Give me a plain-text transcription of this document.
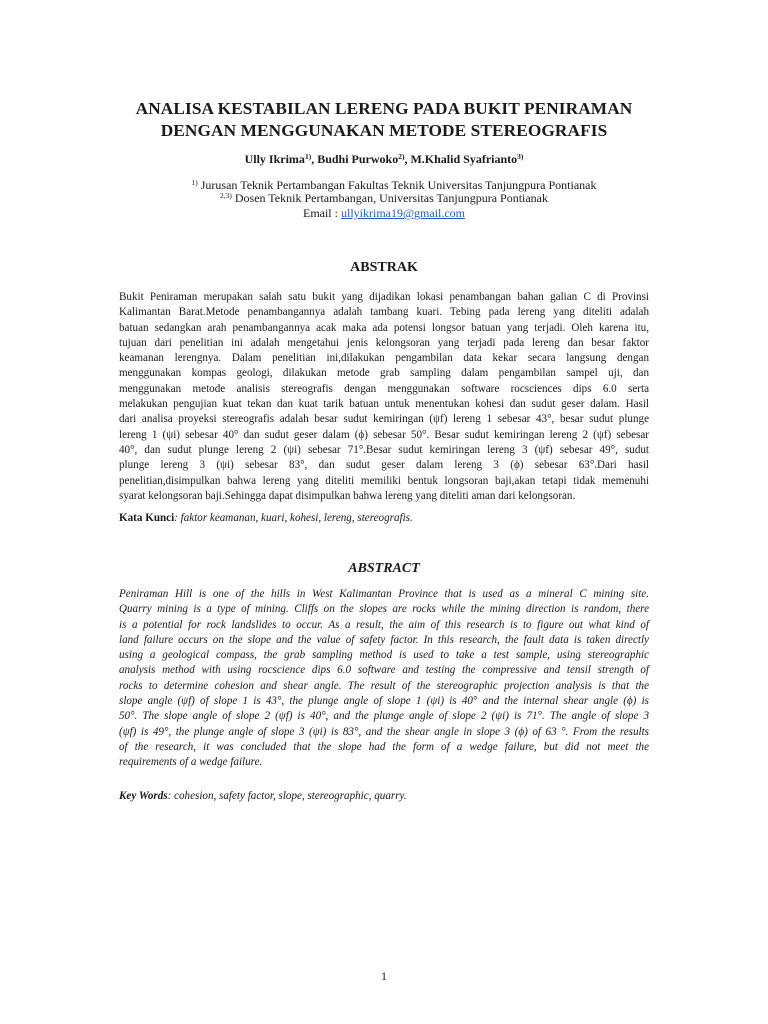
ANALISA KESTABILAN LERENG PADA BUKIT PENIRAMAN
DENGAN MENGGUNAKAN METODE STEREOGRAFIS
Ully Ikrima$^{1)}$, Budhi Purwoko$^{2)}$, M.Khalid Syafrianto$^{3)}$
$^{1)}$ Jurusan Teknik Pertambangan Fakultas Teknik Universitas Tanjungpura Pontianak
$^{2,3)}$ Dosen Teknik Pertambangan, Universitas Tanjungpura Pontianak
Email : ullyikrima19@gmail.com
ABSTRAK
Bukit Peniraman merupakan salah satu bukit yang dijadikan lokasi penambangan bahan galian C di Provinsi
Kalimantan Barat.Metode penambangannya adalah tambang kuari. Tebing pada lereng yang diteliti adalah
batuan sedangkan arah penambangannya acak maka ada potensi longsor batuan yang terjadi. Oleh karena itu,
tujuan dari penelitian ini adalah mengetahui jenis kelongsoran yang terjadi pada lereng dan besar faktor
keamanan lerengnya. Dalam penelitian ini,dilakukan pengambilan data kekar secara langsung dengan
menggunakan kompas geologi, dilakukan metode grab sampling dalam pengambilan sampel uji, dan
menggunakan metode analisis stereografis dengan menggunakan software rocsciences dips 6.0 serta
melakukan pengujian kuat tekan dan kuat tarik batuan untuk menentukan kohesi dan sudut geser dalam. Hasil
dari analisa proyeksi stereografis adalah besar sudut kemiringan (ψf) lereng 1 sebesar 43°, besar sudut plunge
lereng 1 (ψi) sebesar 40° dan sudut geser dalam (ϕ) sebesar 50°. Besar sudut kemiringan lereng 2 (ψf) sebesar
40°, dan sudut plunge lereng 2 (ψi) sebesar 71°.Besar sudut kemiringan lereng 3 (ψf) sebesar 49°, sudut
plunge lereng 3 (ψi) sebesar 83°, dan sudut geser dalam lereng 3 (ϕ) sebesar 63°.Dari hasil
penelitian,disimpulkan bahwa lereng yang diteliti memiliki bentuk longsoran baji,akan tetapi tidak memenuhi
syarat kelongsoran baji.Sehingga dapat disimpulkan bahwa lereng yang diteliti aman dari kelongsoran.
Kata Kunci: faktor keamanan, kuari, kohesi, lereng, stereografis.
ABSTRACT
Peniraman Hill is one of the hills in West Kalimantan Province that is used as a mineral C mining site.
Quarry mining is a type of mining. Cliffs on the slopes are rocks while the mining direction is random, there
is a potential for rock landslides to occur. As a result, the aim of this research is to figure out what kind of
land failure occurs on the slope and the value of safety factor. In this research, the fault data is taken directly
using a geological compass, the grab sampling method is used to take a test sample, using stereographic
analysis method with using rocscience dips 6.0 software and testing the compressive and tensil strength of
rocks to determine cohesion and shear angle. The result of the stereographic projection analysis is that the
slope angle (ψf) of slope 1 is 43°, the plunge angle of slope 1 (ψi) is 40° and the internal shear angle (ϕ) is
50°. The slope angle of slope 2 (ψf) is 40°, and the plunge angle of slope 2 (ψi) is 71°. The angle of slope 3
(ψf) is 49°, the plunge angle of slope 3 (ψi) is 83°, and the shear angle in slope 3 (ϕ) of 63 °. From the results
of the research, it was concluded that the slope had the form of a wedge failure, but did not meet the
requirements of a wedge failure.
Key Words: cohesion, safety factor, slope, stereographic, quarry.
1
